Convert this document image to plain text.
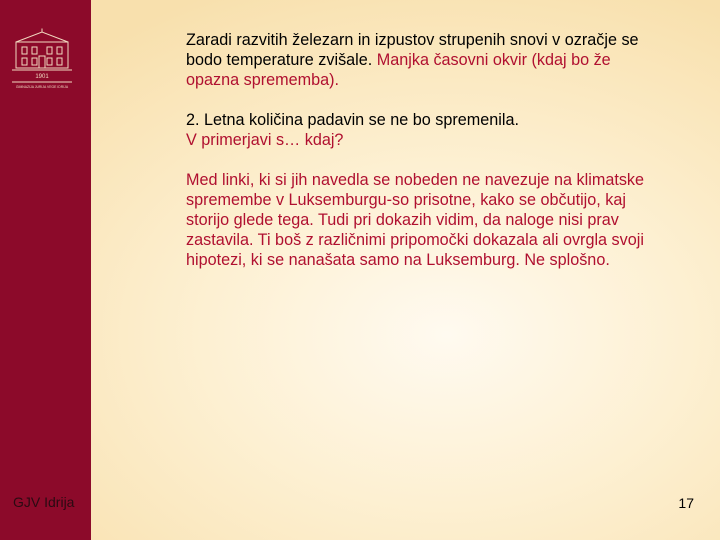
1901
GIMNAZIJA JURIJA VEGE IDRIJA
GJV Idrija

Zaradi razvitih železarn in izpustov strupenih snovi v ozračje se bodo temperature zvišale. Manjka časovni okvir (kdaj bo že opazna sprememba).

2. Letna količina padavin se ne bo spremenila.
V primerjavi s… kdaj?

Med linki, ki si jih navedla se nobeden ne navezuje na klimatske spremembe v Luksemburgu-so prisotne, kako se občutijo, kaj storijo glede tega. Tudi pri dokazih vidim, da naloge nisi prav zastavila. Ti boš z različnimi pripomočki dokazala ali ovrgla svoji hipotezi, ki se nanašata samo na Luksemburg. Ne splošno.

17
